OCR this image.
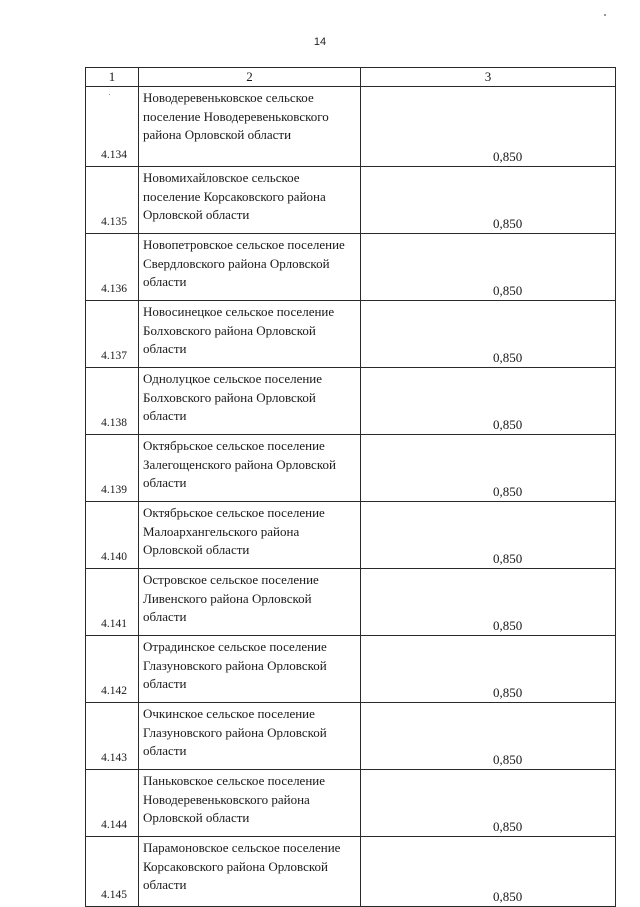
14
1	2	3
4.134	Новодеревеньковское сельское поселение Новодеревеньковского района Орловской области	0,850
4.135	Новомихайловское сельское поселение Корсаковского района Орловской области	0,850
4.136	Новопетровское сельское поселение Свердловского района Орловской области	0,850
4.137	Новосинецкое сельское поселение Болховского района Орловской области	0,850
4.138	Однолуцкое сельское поселение Болховского района Орловской области	0,850
4.139	Октябрьское сельское поселение Залегощенского района Орловской области	0,850
4.140	Октябрьское сельское поселение Малоархангельского района Орловской области	0,850
4.141	Островское сельское поселение Ливенского района Орловской области	0,850
4.142	Отрадинское сельское поселение Глазуновского района Орловской области	0,850
4.143	Очкинское сельское поселение Глазуновского района Орловской области	0,850
4.144	Паньковское сельское поселение Новодеревеньковского района Орловской области	0,850
4.145	Парамоновское сельское поселение Корсаковского района Орловской области	0,850
